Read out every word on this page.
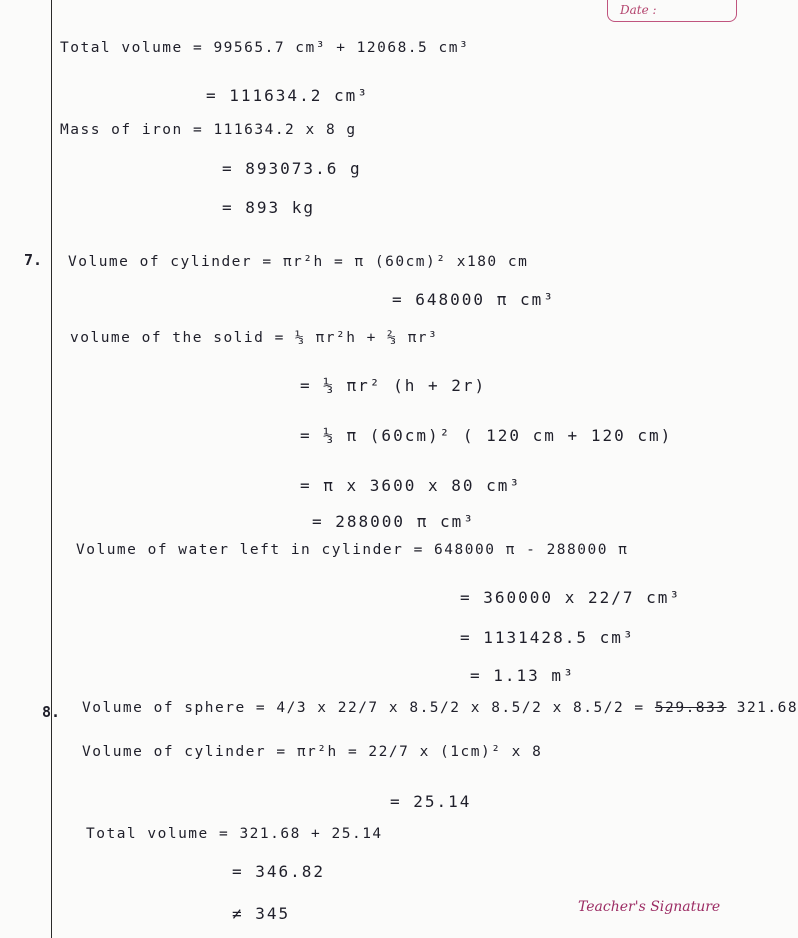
Date :
Total volume = 99565.7 cm³ + 12068.5 cm³
= 111634.2 cm³
Mass of iron = 111634.2 x 8 g
= 893073.6 g
= 893 kg
7. Volume of cylinder = πr²h = π (60cm)² x180 cm
= 648000 π cm³
volume of the solid = ⅓ πr²h + ⅔ πr³
= ⅓ πr² (h + 2r)
= ⅓ π (60cm)² ( 120 cm + 120 cm)
= π x 3600 x 80 cm³
= 288000 π cm³
Volume of water left in cylinder = 648000 π - 288000 π
= 360000 x 22/7 cm³
= 1131428.5 cm³
= 1.13 m³
8. Volume of sphere = 4/3 x 22/7 x 8.5/2 x 8.5/2 x 8.5/2 = 529.833 321.68
Volume of cylinder = πr²h = 22/7 x (1cm)² x 8
= 25.14
Total volume = 321.68 + 25.14
= 346.82
≠ 345	Teacher's Signature
